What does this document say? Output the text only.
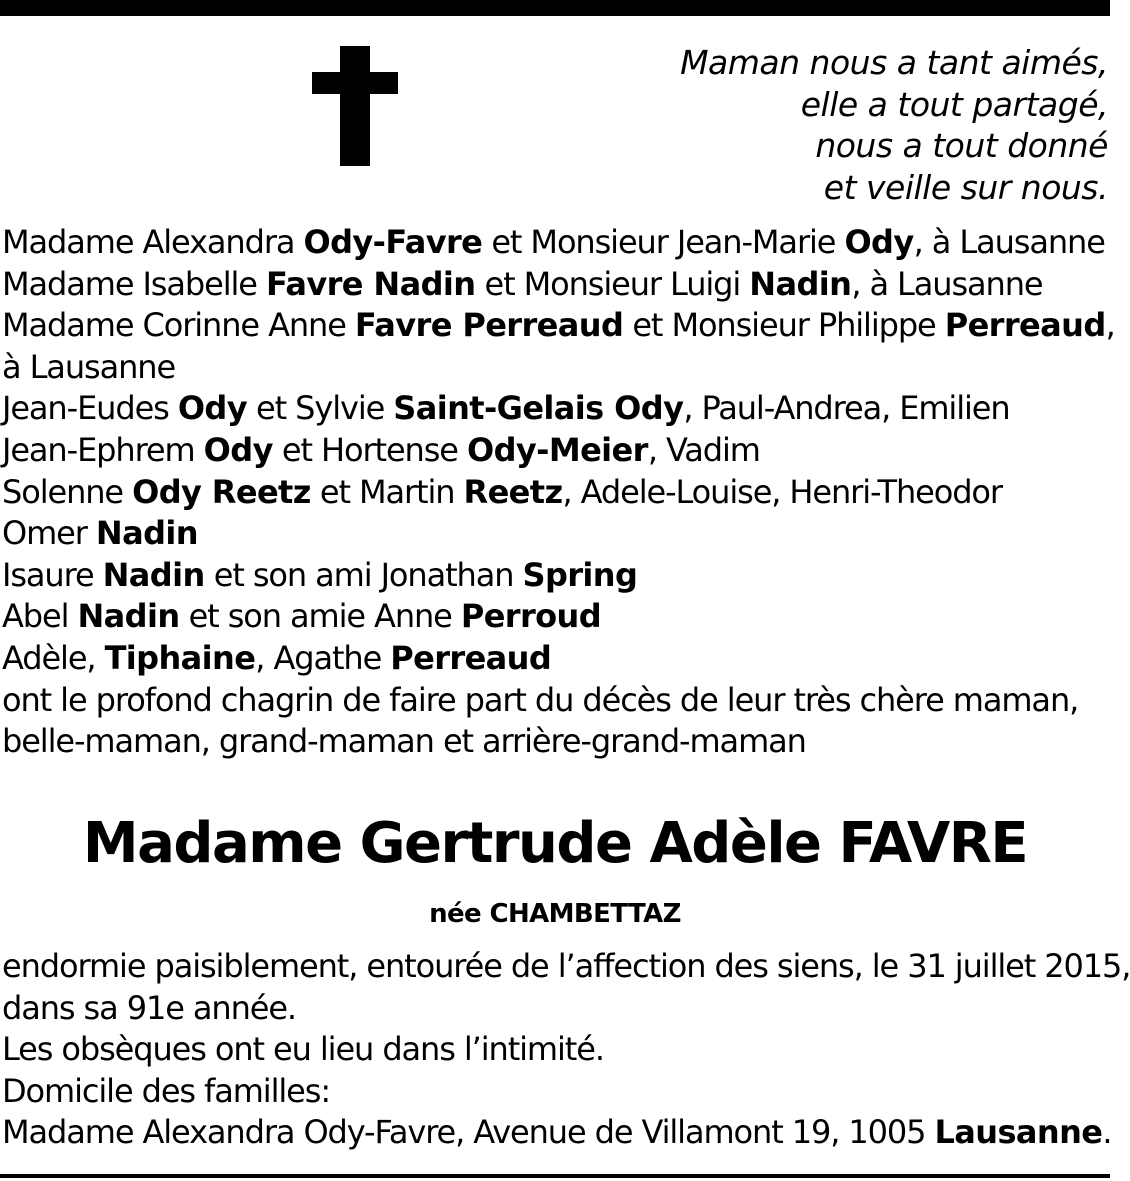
Maman nous a tant aimés,
elle a tout partagé,
nous a tout donné
et veille sur nous.
Madame Alexandra Ody-Favre et Monsieur Jean-Marie Ody, à Lausanne
Madame Isabelle Favre Nadin et Monsieur Luigi Nadin, à Lausanne
Madame Corinne Anne Favre Perreaud et Monsieur Philippe Perreaud,
à Lausanne
Jean-Eudes Ody et Sylvie Saint-Gelais Ody, Paul-Andrea, Emilien
Jean-Ephrem Ody et Hortense Ody-Meier, Vadim
Solenne Ody Reetz et Martin Reetz, Adele-Louise, Henri-Theodor
Omer Nadin
Isaure Nadin et son ami Jonathan Spring
Abel Nadin et son amie Anne Perroud
Adèle, Tiphaine, Agathe Perreaud
ont le profond chagrin de faire part du décès de leur très chère maman,
belle-maman, grand-maman et arrière-grand-maman
Madame Gertrude Adèle FAVRE
née CHAMBETTAZ
endormie paisiblement, entourée de l’affection des siens, le 31 juillet 2015,
dans sa 91e année.
Les obsèques ont eu lieu dans l’intimité.
Domicile des familles:
Madame Alexandra Ody-Favre, Avenue de Villamont 19, 1005 Lausanne.
